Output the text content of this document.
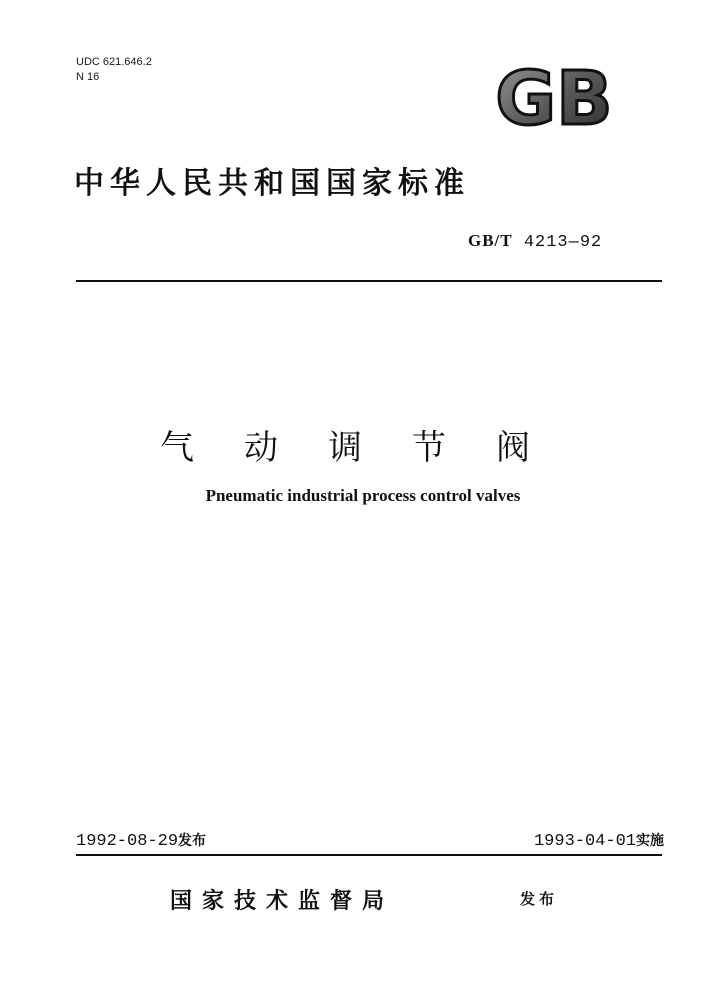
UDC 621.646.2
N 16	GB
中华人民共和国国家标准
GB/T 4213—92
气动调节阀
Pneumatic industrial process control valves
1992-08-29发布	1993-04-01实施
国家技术监督局	发布
